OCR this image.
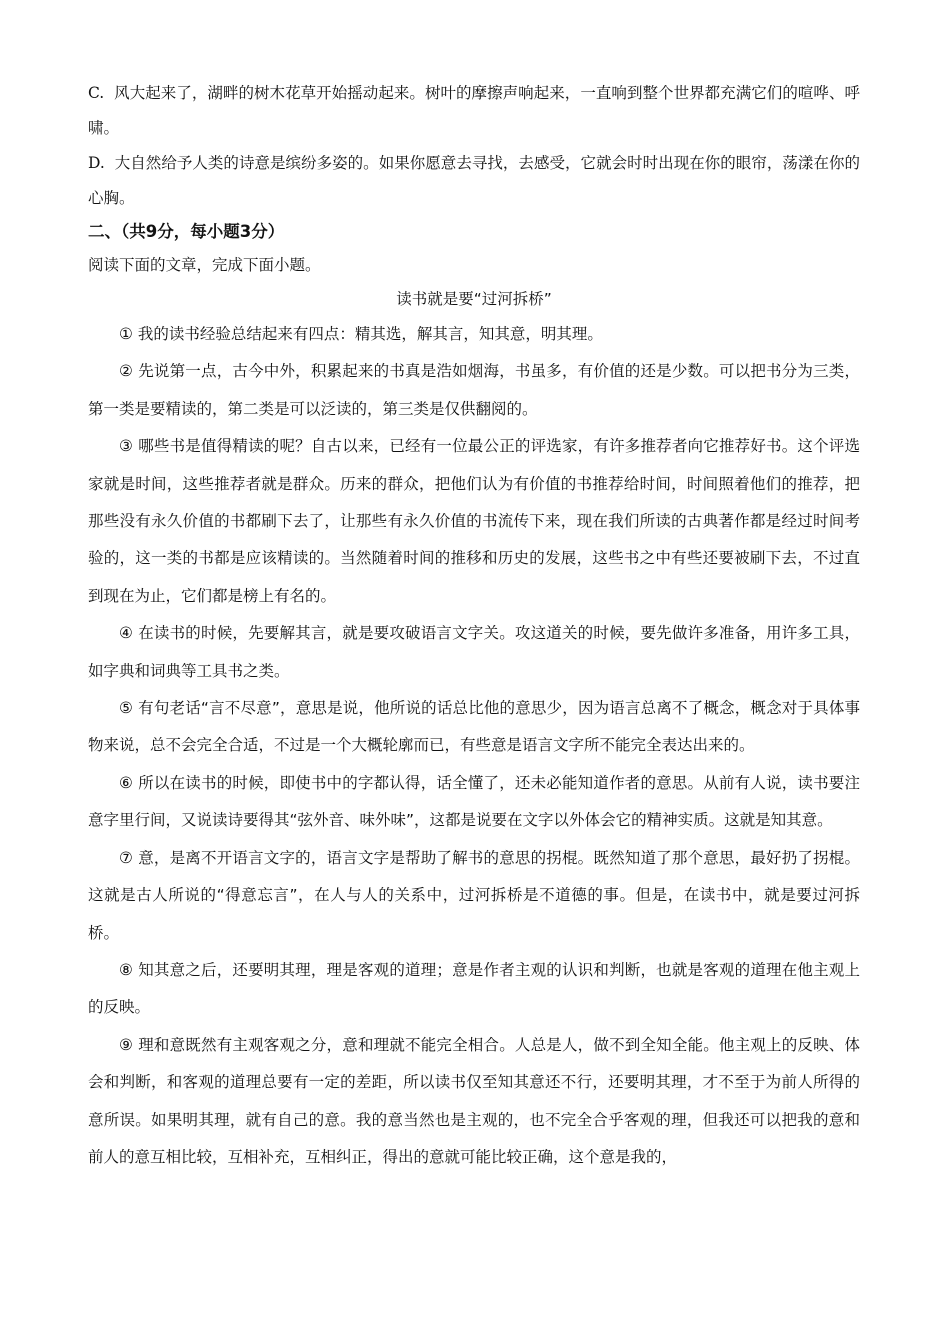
C. 风大起来了，湖畔的树木花草开始摇动起来。树叶的摩擦声响起来，一直响到整个世界都充满它们的喧哗、呼啸。

D. 大自然给予人类的诗意是缤纷多姿的。如果你愿意去寻找，去感受，它就会时时出现在你的眼帘，荡漾在你的心胸。

二、（共9分，每小题3分）

阅读下面的文章，完成下面小题。

读书就是要“过河拆桥”

① 我的读书经验总结起来有四点：精其选，解其言，知其意，明其理。

② 先说第一点，古今中外，积累起来的书真是浩如烟海，书虽多，有价值的还是少数。可以把书分为三类，第一类是要精读的，第二类是可以泛读的，第三类是仅供翻阅的。

③ 哪些书是值得精读的呢？自古以来，已经有一位最公正的评选家，有许多推荐者向它推荐好书。这个评选家就是时间，这些推荐者就是群众。历来的群众，把他们认为有价值的书推荐给时间，时间照着他们的推荐，把那些没有永久价值的书都刷下去了，让那些有永久价值的书流传下来，现在我们所读的古典著作都是经过时间考验的，这一类的书都是应该精读的。当然随着时间的推移和历史的发展，这些书之中有些还要被刷下去，不过直到现在为止，它们都是榜上有名的。

④ 在读书的时候，先要解其言，就是要攻破语言文字关。攻这道关的时候，要先做许多准备，用许多工具，如字典和词典等工具书之类。

⑤ 有句老话“言不尽意”，意思是说，他所说的话总比他的意思少，因为语言总离不了概念，概念对于具体事物来说，总不会完全合适，不过是一个大概轮廓而已，有些意是语言文字所不能完全表达出来的。

⑥ 所以在读书的时候，即使书中的字都认得，话全懂了，还未必能知道作者的意思。从前有人说，读书要注意字里行间，又说读诗要得其“弦外音、味外味”，这都是说要在文字以外体会它的精神实质。这就是知其意。

⑦ 意，是离不开语言文字的，语言文字是帮助了解书的意思的拐棍。既然知道了那个意思，最好扔了拐棍。这就是古人所说的“得意忘言”，在人与人的关系中，过河拆桥是不道德的事。但是，在读书中，就是要过河拆桥。

⑧ 知其意之后，还要明其理，理是客观的道理；意是作者主观的认识和判断，也就是客观的道理在他主观上的反映。

⑨ 理和意既然有主观客观之分，意和理就不能完全相合。人总是人，做不到全知全能。他主观上的反映、体会和判断，和客观的道理总要有一定的差距，所以读书仅至知其意还不行，还要明其理，才不至于为前人所得的意所误。如果明其理，就有自己的意。我的意当然也是主观的，也不完全合乎客观的理，但我还可以把我的意和前人的意互相比较，互相补充，互相纠正，得出的意就可能比较正确，这个意是我的，
